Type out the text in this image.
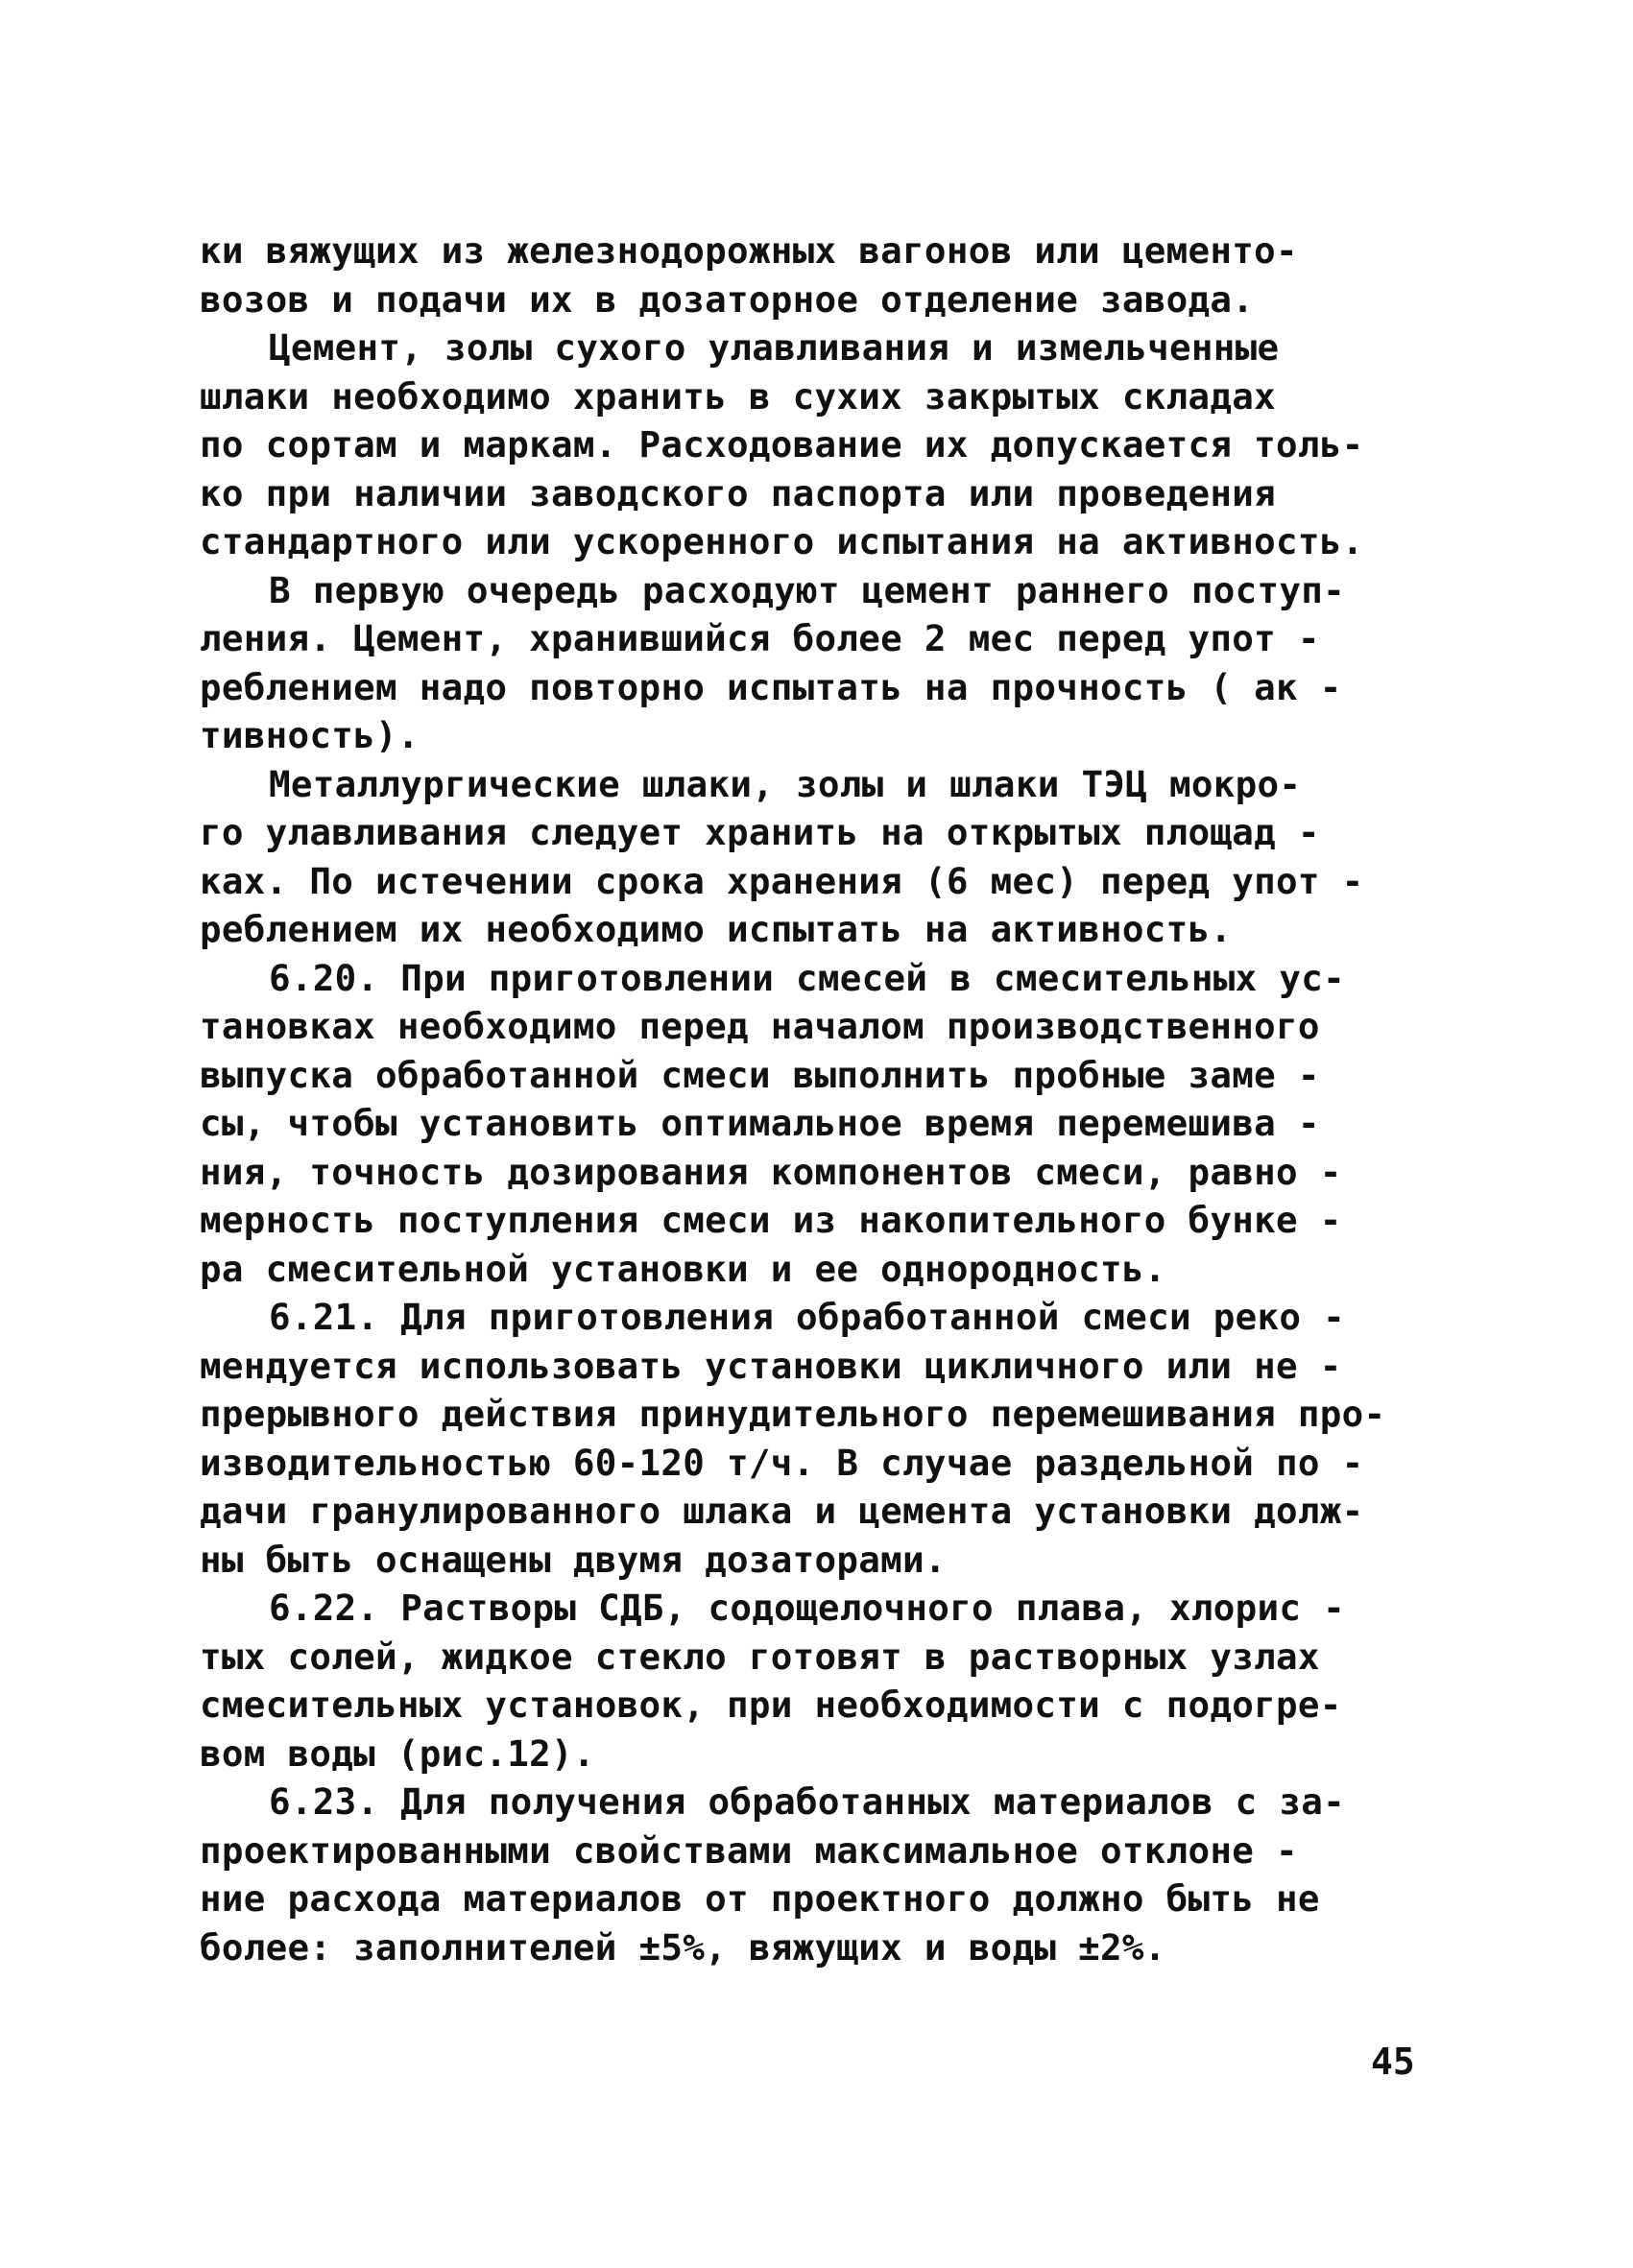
ки вяжущих из железнодорожных вагонов или цементо-
возов и подачи их в дозаторное отделение завода.
Цемент, золы сухого улавливания и измельченные
шлаки необходимо хранить в сухих закрытых складах
по сортам и маркам. Расходование их допускается толь-
ко при наличии заводского паспорта или проведения
стандартного или ускоренного испытания на активность.
В первую очередь расходуют цемент раннего поступ-
ления. Цемент, хранившийся более 2 мес перед упот -
реблением надо повторно испытать на прочность ( ак -
тивность).
Металлургические шлаки, золы и шлаки ТЭЦ мокро-
го улавливания следует хранить на открытых площад -
ках. По истечении срока хранения (6 мес) перед упот -
реблением их необходимо испытать на активность.
6.20. При приготовлении смесей в смесительных ус-
тановках необходимо перед началом производственного
выпуска обработанной смеси выполнить пробные заме -
сы, чтобы установить оптимальное время перемешива -
ния, точность дозирования компонентов смеси, равно -
мерность поступления смеси из накопительного бунке -
ра смесительной установки и ее однородность.
6.21. Для приготовления обработанной смеси реко -
мендуется использовать установки цикличного или не -
прерывного действия принудительного перемешивания про-
изводительностью 60-120 т/ч. В случае раздельной по -
дачи гранулированного шлака и цемента установки долж-
ны быть оснащены двумя дозаторами.
6.22. Растворы СДБ, содощелочного плава, хлорис -
тых солей, жидкое стекло готовят в растворных узлах
смесительных установок, при необходимости с подогре-
вом воды (рис.12).
6.23. Для получения обработанных материалов с за-
проектированными свойствами максимальное отклоне -
ние расхода материалов от проектного должно быть не
более: заполнителей ±5%, вяжущих и воды ±2%.
45
